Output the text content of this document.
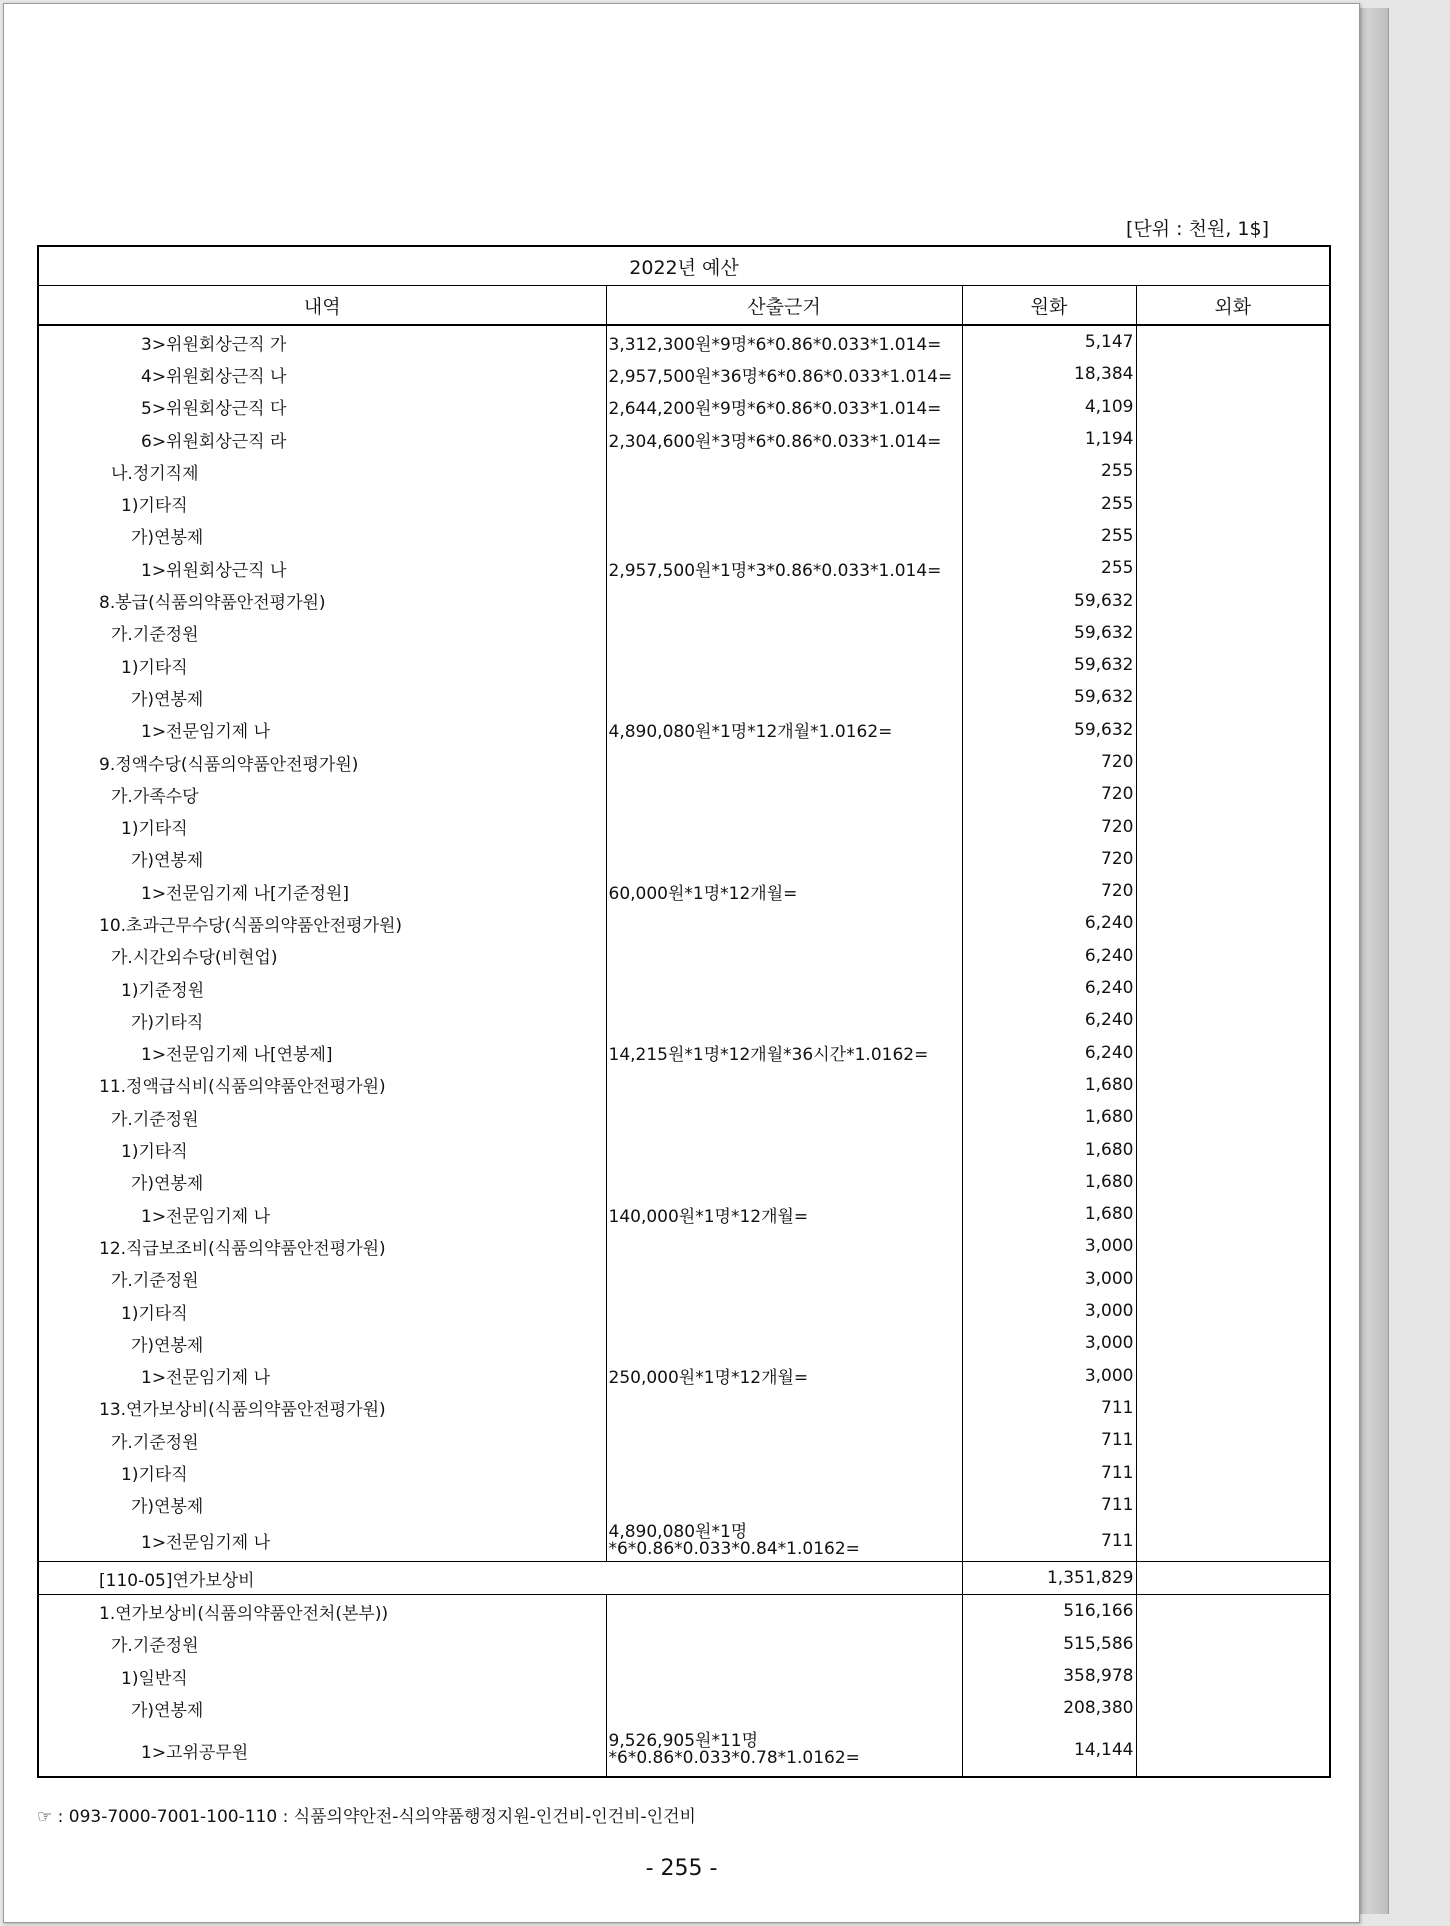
[단위 : 천원, 1$]
2022년 예산			
내역	산출근거	원화	외화
3>위원회상근직 가	3,312,300원*9명*6*0.86*0.033*1.014=	5,147	
4>위원회상근직 나	2,957,500원*36명*6*0.86*0.033*1.014=	18,384	
5>위원회상근직 다	2,644,200원*9명*6*0.86*0.033*1.014=	4,109	
6>위원회상근직 라	2,304,600원*3명*6*0.86*0.033*1.014=	1,194	
나.정기직제		255	
1)기타직		255	
가)연봉제		255	
1>위원회상근직 나	2,957,500원*1명*3*0.86*0.033*1.014=	255	
8.봉급(식품의약품안전평가원)		59,632	
가.기준정원		59,632	
1)기타직		59,632	
가)연봉제		59,632	
1>전문임기제 나	4,890,080원*1명*12개월*1.0162=	59,632	
9.정액수당(식품의약품안전평가원)		720	
가.가족수당		720	
1)기타직		720	
가)연봉제		720	
1>전문임기제 나[기준정원]	60,000원*1명*12개월=	720	
10.초과근무수당(식품의약품안전평가원)		6,240	
가.시간외수당(비현업)		6,240	
1)기준정원		6,240	
가)기타직		6,240	
1>전문임기제 나[연봉제]	14,215원*1명*12개월*36시간*1.0162=	6,240	
11.정액급식비(식품의약품안전평가원)		1,680	
가.기준정원		1,680	
1)기타직		1,680	
가)연봉제		1,680	
1>전문임기제 나	140,000원*1명*12개월=	1,680	
12.직급보조비(식품의약품안전평가원)		3,000	
가.기준정원		3,000	
1)기타직		3,000	
가)연봉제		3,000	
1>전문임기제 나	250,000원*1명*12개월=	3,000	
13.연가보상비(식품의약품안전평가원)		711	
가.기준정원		711	
1)기타직		711	
가)연봉제		711	
1>전문임기제 나	4,890,080원*1명*6*0.86*0.033*0.84*1.0162=	711	
[110-05]연가보상비		1,351,829	
1.연가보상비(식품의약품안전처(본부))		516,166	
가.기준정원		515,586	
1)일반직		358,978	
가)연봉제		208,380	
1>고위공무원	9,526,905원*11명*6*0.86*0.033*0.78*1.0162=	14,144	
☞ : 093-7000-7001-100-110 : 식품의약안전-식의약품행정지원-인건비-인건비-인건비
- 255 -
